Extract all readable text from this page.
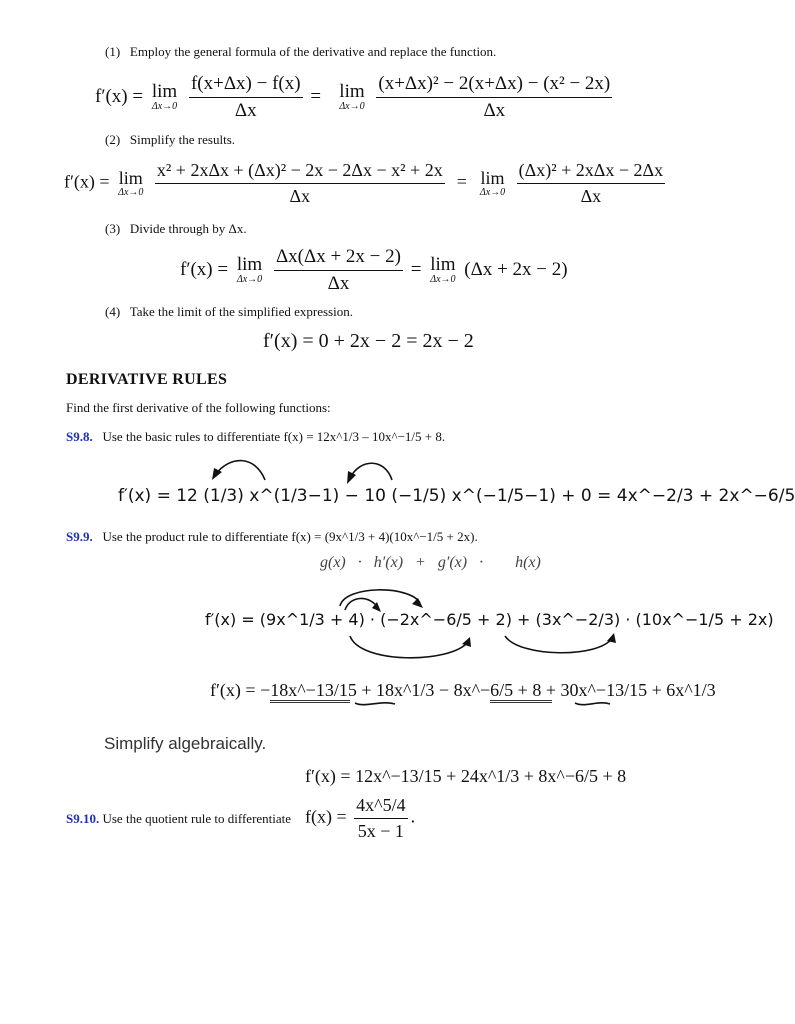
(1) Employ the general formula of the derivative and replace the function.
f′(x) = lim
Δx→0
$\frac{f(x+\Delta x) - f(x)}{\Delta x} = \lim$
Δx→0
$\frac{\text{(x+Δx)² − 2(x+Δx) − (x² − 2x)}}{\Delta x}$
(2) Simplify the results.
f′(x) = lim
Δx→0
$\frac{\text{x² + 2xΔx + (Δx)² − 2x − 2Δx − x² + 2x}}{\Delta x} = \lim$
Δx→0
$\frac{\text{(Δx)² + 2xΔx − 2Δx}}{\Delta x}$
(3) Divide through by Δx.
f′(x) = lim
Δx→0
$\frac{\Delta x(\Delta x + 2x - 2)}{\Delta x} = \lim$
Δx→0 (Δx + 2x − 2)
(4) Take the limit of the simplified expression.
f′(x) = 0 + 2x − 2 = 2x − 2
DERIVATIVE RULES
Find the first derivative of the following functions:
S9.8. Use the basic rules to differentiate f(x) = 12x^1/3 – 10x^−1/5 + 8.
f′(x) = 12 (1/3) x^(1/3−1) − 10 (−1/5) x^(−1/5−1) + 0 = 4x^−2/3 + 2x^−6/5
S9.9. Use the product rule to differentiate f(x) = (9x^1/3 + 4)(10x^−1/5 + 2x).
g(x)   ·   h′(x)   +   g′(x)   ·        h(x)
f′(x) = (9x^1/3 + 4) · (−2x^−6/5 + 2) + (3x^−2/3) · (10x^−1/5 + 2x)
f′(x) = −18x^−13/15 + 18x^1/3 − 8x^−6/5 + 8 + 30x^−13/15 + 6x^1/3
Simplify algebraically.
f′(x) = 12x^−13/15 + 24x^1/3 + 8x^−6/5 + 8
S9.10. Use the quotient rule to differentiate $f(x) = \frac{4x\^{}5/4}{5x - 1}$ .
